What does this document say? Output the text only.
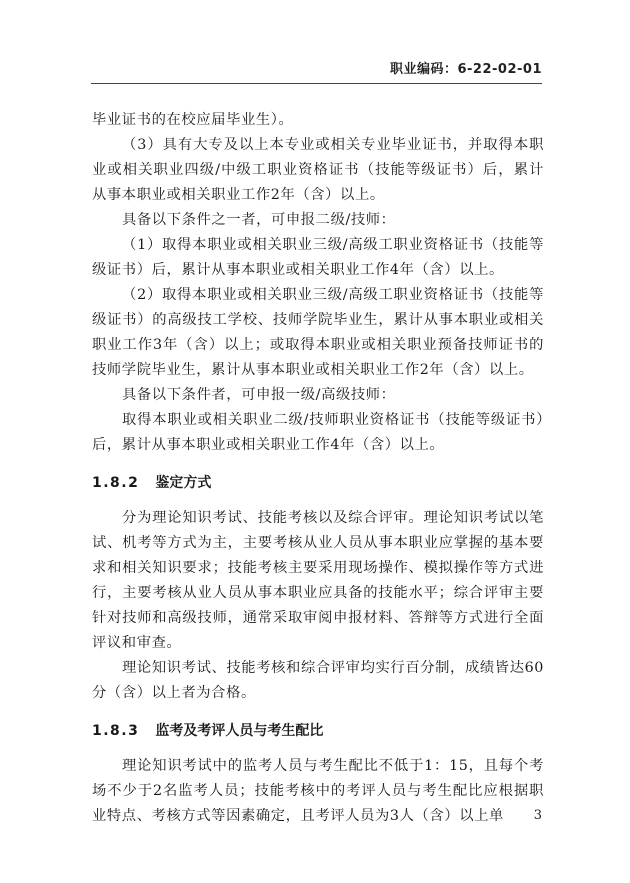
职业编码：6-22-02-01

毕业证书的在校应届毕业生）。

（3）具有大专及以上本专业或相关专业毕业证书，并取得本职业或相关职业四级/中级工职业资格证书（技能等级证书）后，累计从事本职业或相关职业工作2年（含）以上。

具备以下条件之一者，可申报二级/技师：

（1）取得本职业或相关职业三级/高级工职业资格证书（技能等级证书）后，累计从事本职业或相关职业工作4年（含）以上。

（2）取得本职业或相关职业三级/高级工职业资格证书（技能等级证书）的高级技工学校、技师学院毕业生，累计从事本职业或相关职业工作3年（含）以上；或取得本职业或相关职业预备技师证书的技师学院毕业生，累计从事本职业或相关职业工作2年（含）以上。

具备以下条件者，可申报一级/高级技师：

取得本职业或相关职业二级/技师职业资格证书（技能等级证书）后，累计从事本职业或相关职业工作4年（含）以上。

1.8.2 鉴定方式

分为理论知识考试、技能考核以及综合评审。理论知识考试以笔试、机考等方式为主，主要考核从业人员从事本职业应掌握的基本要求和相关知识要求；技能考核主要采用现场操作、模拟操作等方式进行，主要考核从业人员从事本职业应具备的技能水平；综合评审主要针对技师和高级技师，通常采取审阅申报材料、答辩等方式进行全面评议和审查。

理论知识考试、技能考核和综合评审均实行百分制，成绩皆达60分（含）以上者为合格。

1.8.3 监考及考评人员与考生配比

理论知识考试中的监考人员与考生配比不低于1：15，且每个考场不少于2名监考人员；技能考核中的考评人员与考生配比应根据职业特点、考核方式等因素确定，且考评人员为3人（含）以上单	3
